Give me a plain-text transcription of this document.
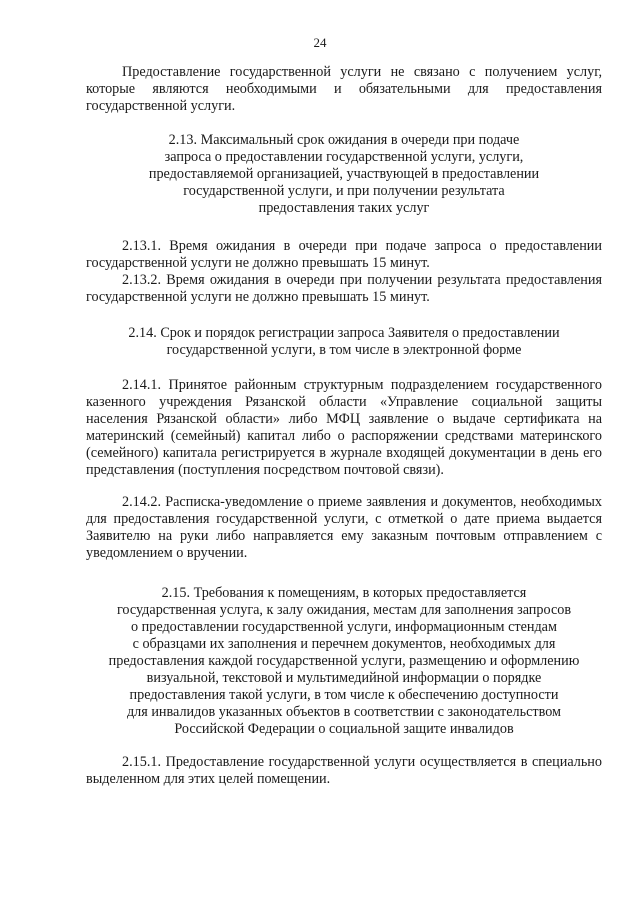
24

Предоставление государственной услуги не связано с получением услуг, которые являются необходимыми и обязательными для предоставления государственной услуги.

2.13. Максимальный срок ожидания в очереди при подаче
запроса о предоставлении государственной услуги, услуги,
предоставляемой организацией, участвующей в предоставлении
государственной услуги, и при получении результата
предоставления таких услуг

2.13.1. Время ожидания в очереди при подаче запроса о предоставлении государственной услуги не должно превышать 15 минут.

2.13.2. Время ожидания в очереди при получении результата предоставления государственной услуги не должно превышать 15 минут.

2.14. Срок и порядок регистрации запроса Заявителя о предоставлении
государственной услуги, в том числе в электронной форме

2.14.1. Принятое районным структурным подразделением государственного казенного учреждения Рязанской области «Управление социальной защиты населения Рязанской области» либо МФЦ заявление о выдаче сертификата на материнский (семейный) капитал либо о распоряжении средствами материнского (семейного) капитала регистрируется в журнале входящей документации в день его представления (поступления посредством почтовой связи).

2.14.2. Расписка-уведомление о приеме заявления и документов, необходимых для предоставления государственной услуги, с отметкой о дате приема выдается Заявителю на руки либо направляется ему заказным почтовым отправлением с уведомлением о вручении.

2.15. Требования к помещениям, в которых предоставляется
государственная услуга, к залу ожидания, местам для заполнения запросов
о предоставлении государственной услуги, информационным стендам
с образцами их заполнения и перечнем документов, необходимых для
предоставления каждой государственной услуги, размещению и оформлению
визуальной, текстовой и мультимедийной информации о порядке
предоставления такой услуги, в том числе к обеспечению доступности
для инвалидов указанных объектов в соответствии с законодательством
Российской Федерации о социальной защите инвалидов

2.15.1. Предоставление государственной услуги осуществляется в специально выделенном для этих целей помещении.
